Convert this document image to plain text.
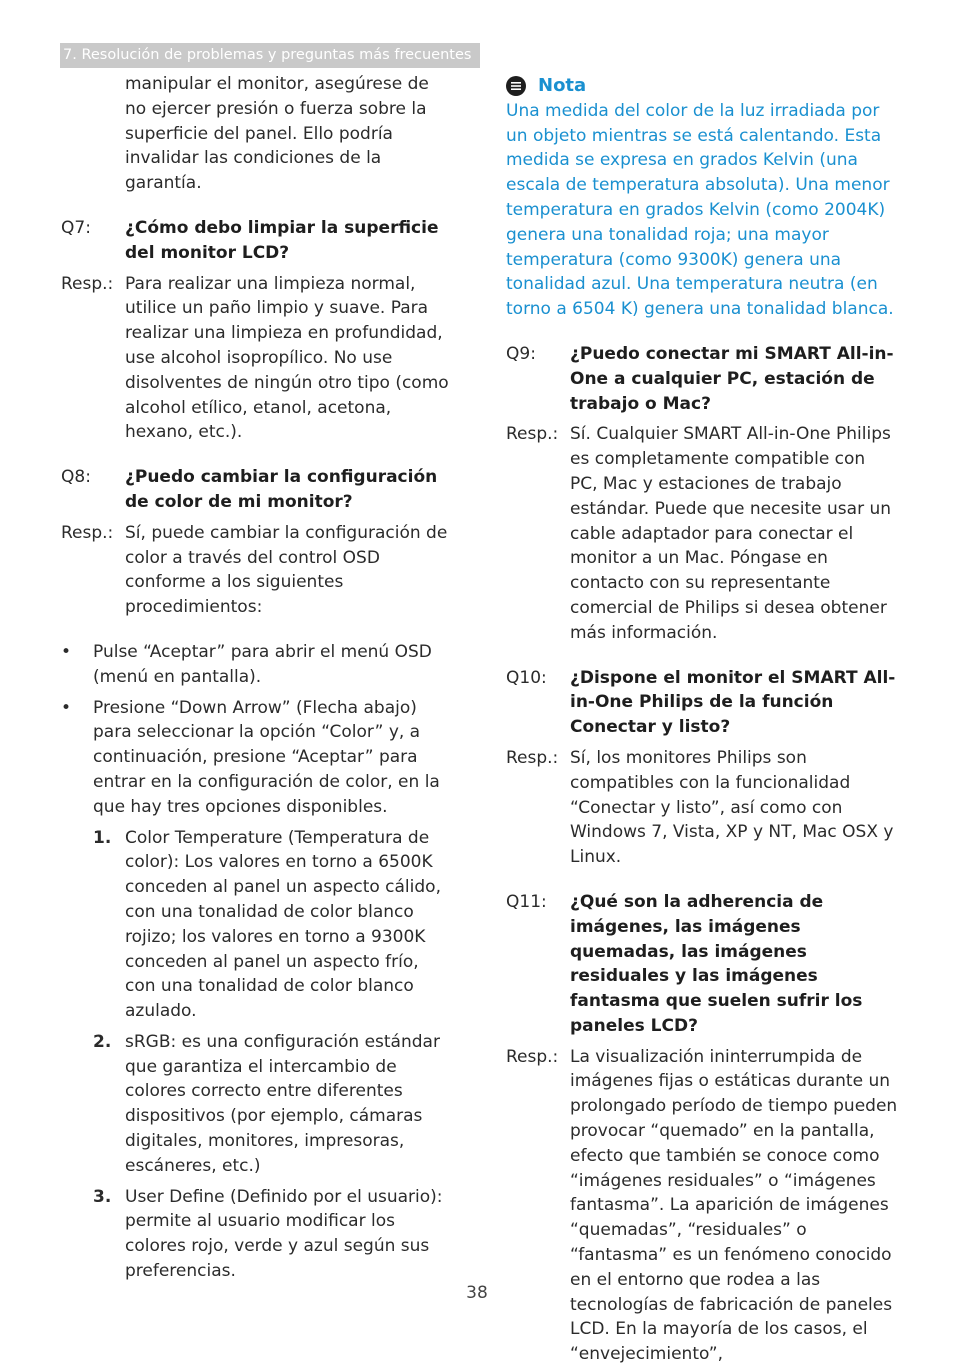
7. Resolución de problemas y preguntas más frecuentes

manipular el monitor, asegúrese de no ejercer presión o fuerza sobre la superficie del panel. Ello podría invalidar las condiciones de la garantía.

Q7:	¿Cómo debo limpiar la superficie del monitor LCD?
Resp.: Para realizar una limpieza normal, utilice un paño limpio y suave. Para realizar una limpieza en profundidad, use alcohol isopropílico. No use disolventes de ningún otro tipo (como alcohol etílico, etanol, acetona, hexano, etc.).
Q8:	¿Puedo cambiar la configuración de color de mi monitor?
Resp.: Sí, puede cambiar la configuración de color a través del control OSD conforme a los siguientes procedimientos:
•	Pulse “Aceptar” para abrir el menú OSD (menú en pantalla).
•	Presione “Down Arrow” (Flecha abajo) para seleccionar la opción “Color” y, a continuación, presione “Aceptar” para entrar en la configuración de color, en la que hay tres opciones disponibles.
1. Color Temperature (Temperatura de color): Los valores en torno a 6500K conceden al panel un aspecto cálido, con una tonalidad de color blanco rojizo; los valores en torno a 9300K conceden al panel un aspecto frío, con una tonalidad de color blanco azulado.
2. sRGB: es una configuración estándar que garantiza el intercambio de colores correcto entre diferentes dispositivos (por ejemplo, cámaras digitales, monitores, impresoras, escáneres, etc.)
3. User Define (Definido por el usuario): permite al usuario modificar los colores rojo, verde y azul según sus preferencias.
Nota

Una medida del color de la luz irradiada por un objeto mientras se está calentando. Esta medida se expresa en grados Kelvin (una escala de temperatura absoluta). Una menor temperatura en grados Kelvin (como 2004K) genera una tonalidad roja; una mayor temperatura (como 9300K) genera una tonalidad azul. Una temperatura neutra (en torno a 6504 K) genera una tonalidad blanca.

Q9:	¿Puedo conectar mi SMART All-in-One a cualquier PC, estación de trabajo o Mac?
Resp.: Sí. Cualquier SMART All-in-One Philips es completamente compatible con PC, Mac y estaciones de trabajo estándar. Puede que necesite usar un cable adaptador para conectar el monitor a un Mac. Póngase en contacto con su representante comercial de Philips si desea obtener más información.
Q10:	¿Dispone el monitor el SMART All-in-One Philips de la función Conectar y listo?
Resp.: Sí, los monitores Philips son compatibles con la funcionalidad “Conectar y listo”, así como con Windows 7, Vista, XP y NT, Mac OSX y Linux.
Q11:	¿Qué son la adherencia de imágenes, las imágenes quemadas, las imágenes residuales y las imágenes fantasma que suelen sufrir los paneles LCD?
Resp.: La visualización ininterrumpida de imágenes fijas o estáticas durante un prolongado período de tiempo pueden provocar “quemado” en la pantalla, efecto que también se conoce como “imágenes residuales” o “imágenes fantasma”. La aparición de imágenes “quemadas”, “residuales” o “fantasma” es un fenómeno conocido en el entorno que rodea a las tecnologías de fabricación de paneles LCD. En la mayoría de los casos, el “envejecimiento”,
38
